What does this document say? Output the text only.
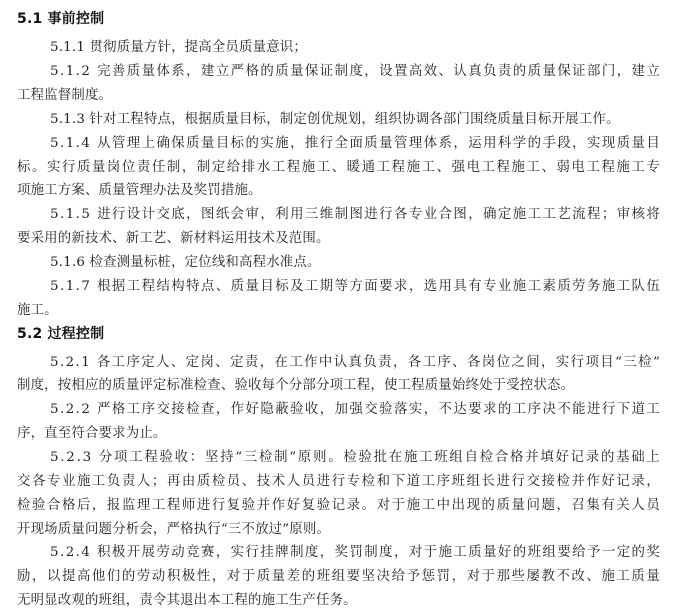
5.1 事前控制
5.1.1 贯彻质量方针，提高全员质量意识；
5.1.2 完善质量体系，建立严格的质量保证制度，设置高效、认真负责的质量保证部门，建立
工程监督制度。
5.1.3 针对工程特点，根据质量目标，制定创优规划，组织协调各部门围绕质量目标开展工作。
5.1.4 从管理上确保质量目标的实施，推行全面质量管理体系，运用科学的手段，实现质量目
标。实行质量岗位责任制，制定给排水工程施工、暖通工程施工、强电工程施工、弱电工程施工专
项施工方案、质量管理办法及奖罚措施。
5.1.5 进行设计交底，图纸会审，利用三维制图进行各专业合图，确定施工工艺流程；审核将
要采用的新技术、新工艺、新材料运用技术及范围。
5.1.6 检查测量标桩，定位线和高程水准点。
5.1.7 根据工程结构特点、质量目标及工期等方面要求，选用具有专业施工素质劳务施工队伍
施工。
5.2 过程控制
5.2.1 各工序定人、定岗、定责，在工作中认真负责，各工序、各岗位之间，实行项目“三检”
制度，按相应的质量评定标准检查、验收每个分部分项工程，使工程质量始终处于受控状态。
5.2.2 严格工序交接检查，作好隐蔽验收，加强交验落实，不达要求的工序决不能进行下道工
序，直至符合要求为止。
5.2.3 分项工程验收：坚持“三检制”原则。检验批在施工班组自检合格并填好记录的基础上
交各专业施工负责人；再由质检员、技术人员进行专检和下道工序班组长进行交接检并作好记录，
检验合格后，报监理工程师进行复验并作好复验记录。对于施工中出现的质量问题，召集有关人员
开现场质量问题分析会，严格执行“三不放过”原则。
5.2.4 积极开展劳动竞赛，实行挂牌制度，奖罚制度，对于施工质量好的班组要给予一定的奖
励，以提高他们的劳动积极性，对于质量差的班组要坚决给予惩罚，对于那些屡教不改、施工质量
无明显改观的班组，责令其退出本工程的施工生产任务。
